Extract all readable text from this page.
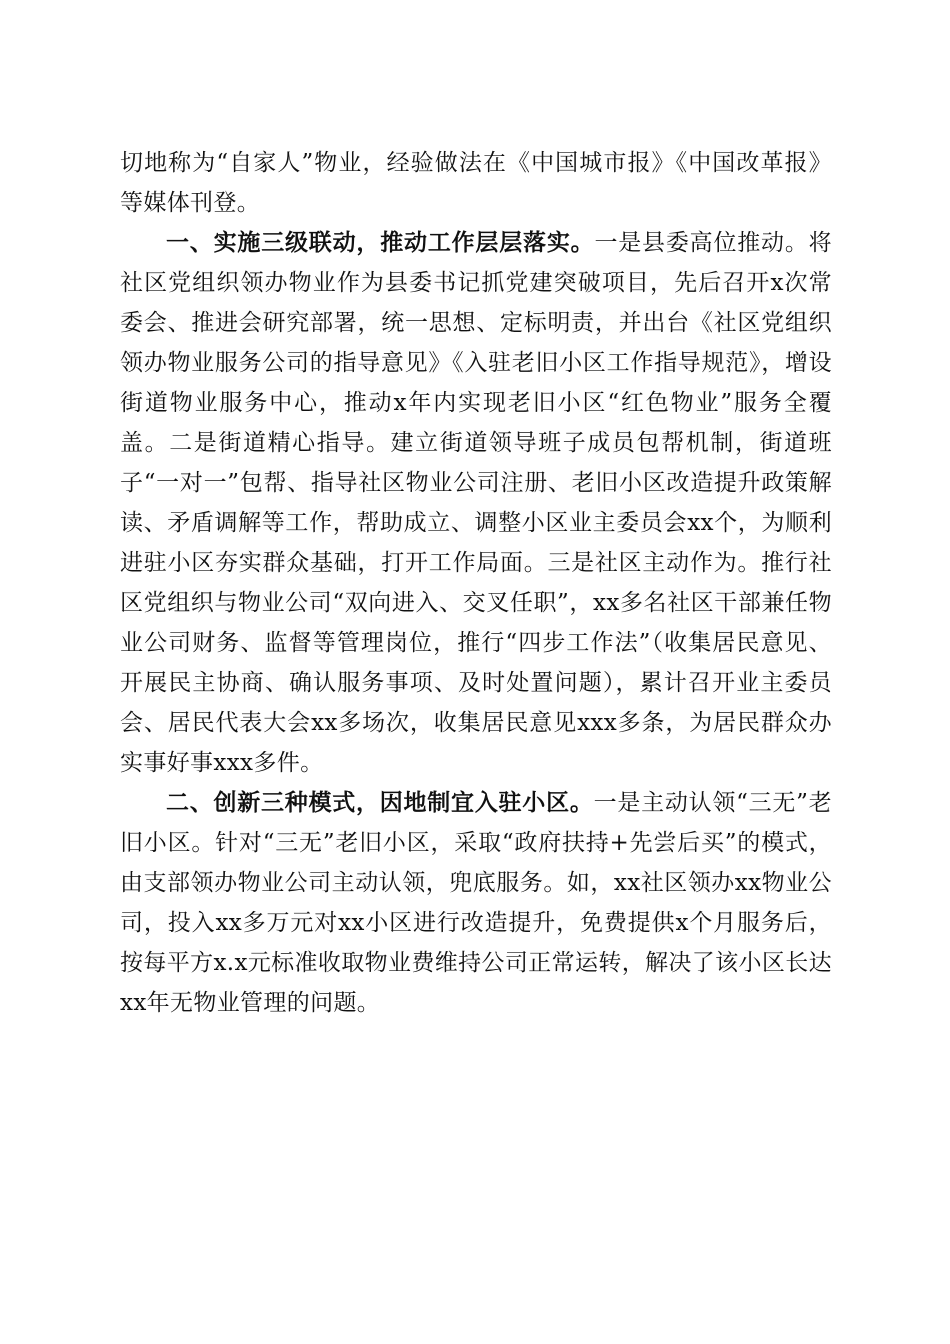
切地称为“自家人”物业，经验做法在《中国城市报》《中国改革报》等媒体刊登。

一、实施三级联动，推动工作层层落实。一是县委高位推动。将社区党组织领办物业作为县委书记抓党建突破项目，先后召开x次常委会、推进会研究部署，统一思想、定标明责，并出台《社区党组织领办物业服务公司的指导意见》《入驻老旧小区工作指导规范》，增设街道物业服务中心，推动x年内实现老旧小区“红色物业”服务全覆盖。二是街道精心指导。建立街道领导班子成员包帮机制，街道班子“一对一”包帮、指导社区物业公司注册、老旧小区改造提升政策解读、矛盾调解等工作，帮助成立、调整小区业主委员会xx个，为顺利进驻小区夯实群众基础，打开工作局面。三是社区主动作为。推行社区党组织与物业公司“双向进入、交叉任职”，xx多名社区干部兼任物业公司财务、监督等管理岗位，推行“四步工作法”（收集居民意见、开展民主协商、确认服务事项、及时处置问题），累计召开业主委员会、居民代表大会xx多场次，收集居民意见xxx多条，为居民群众办实事好事xxx多件。

二、创新三种模式，因地制宜入驻小区。一是主动认领“三无”老旧小区。针对“三无”老旧小区，采取“政府扶持+先尝后买”的模式，由支部领办物业公司主动认领，兜底服务。如，xx社区领办xx物业公司，投入xx多万元对xx小区进行改造提升，免费提供x个月服务后，按每平方x.x元标准收取物业费维持公司正常运转，解决了该小区长达xx年无物业管理的问题。
